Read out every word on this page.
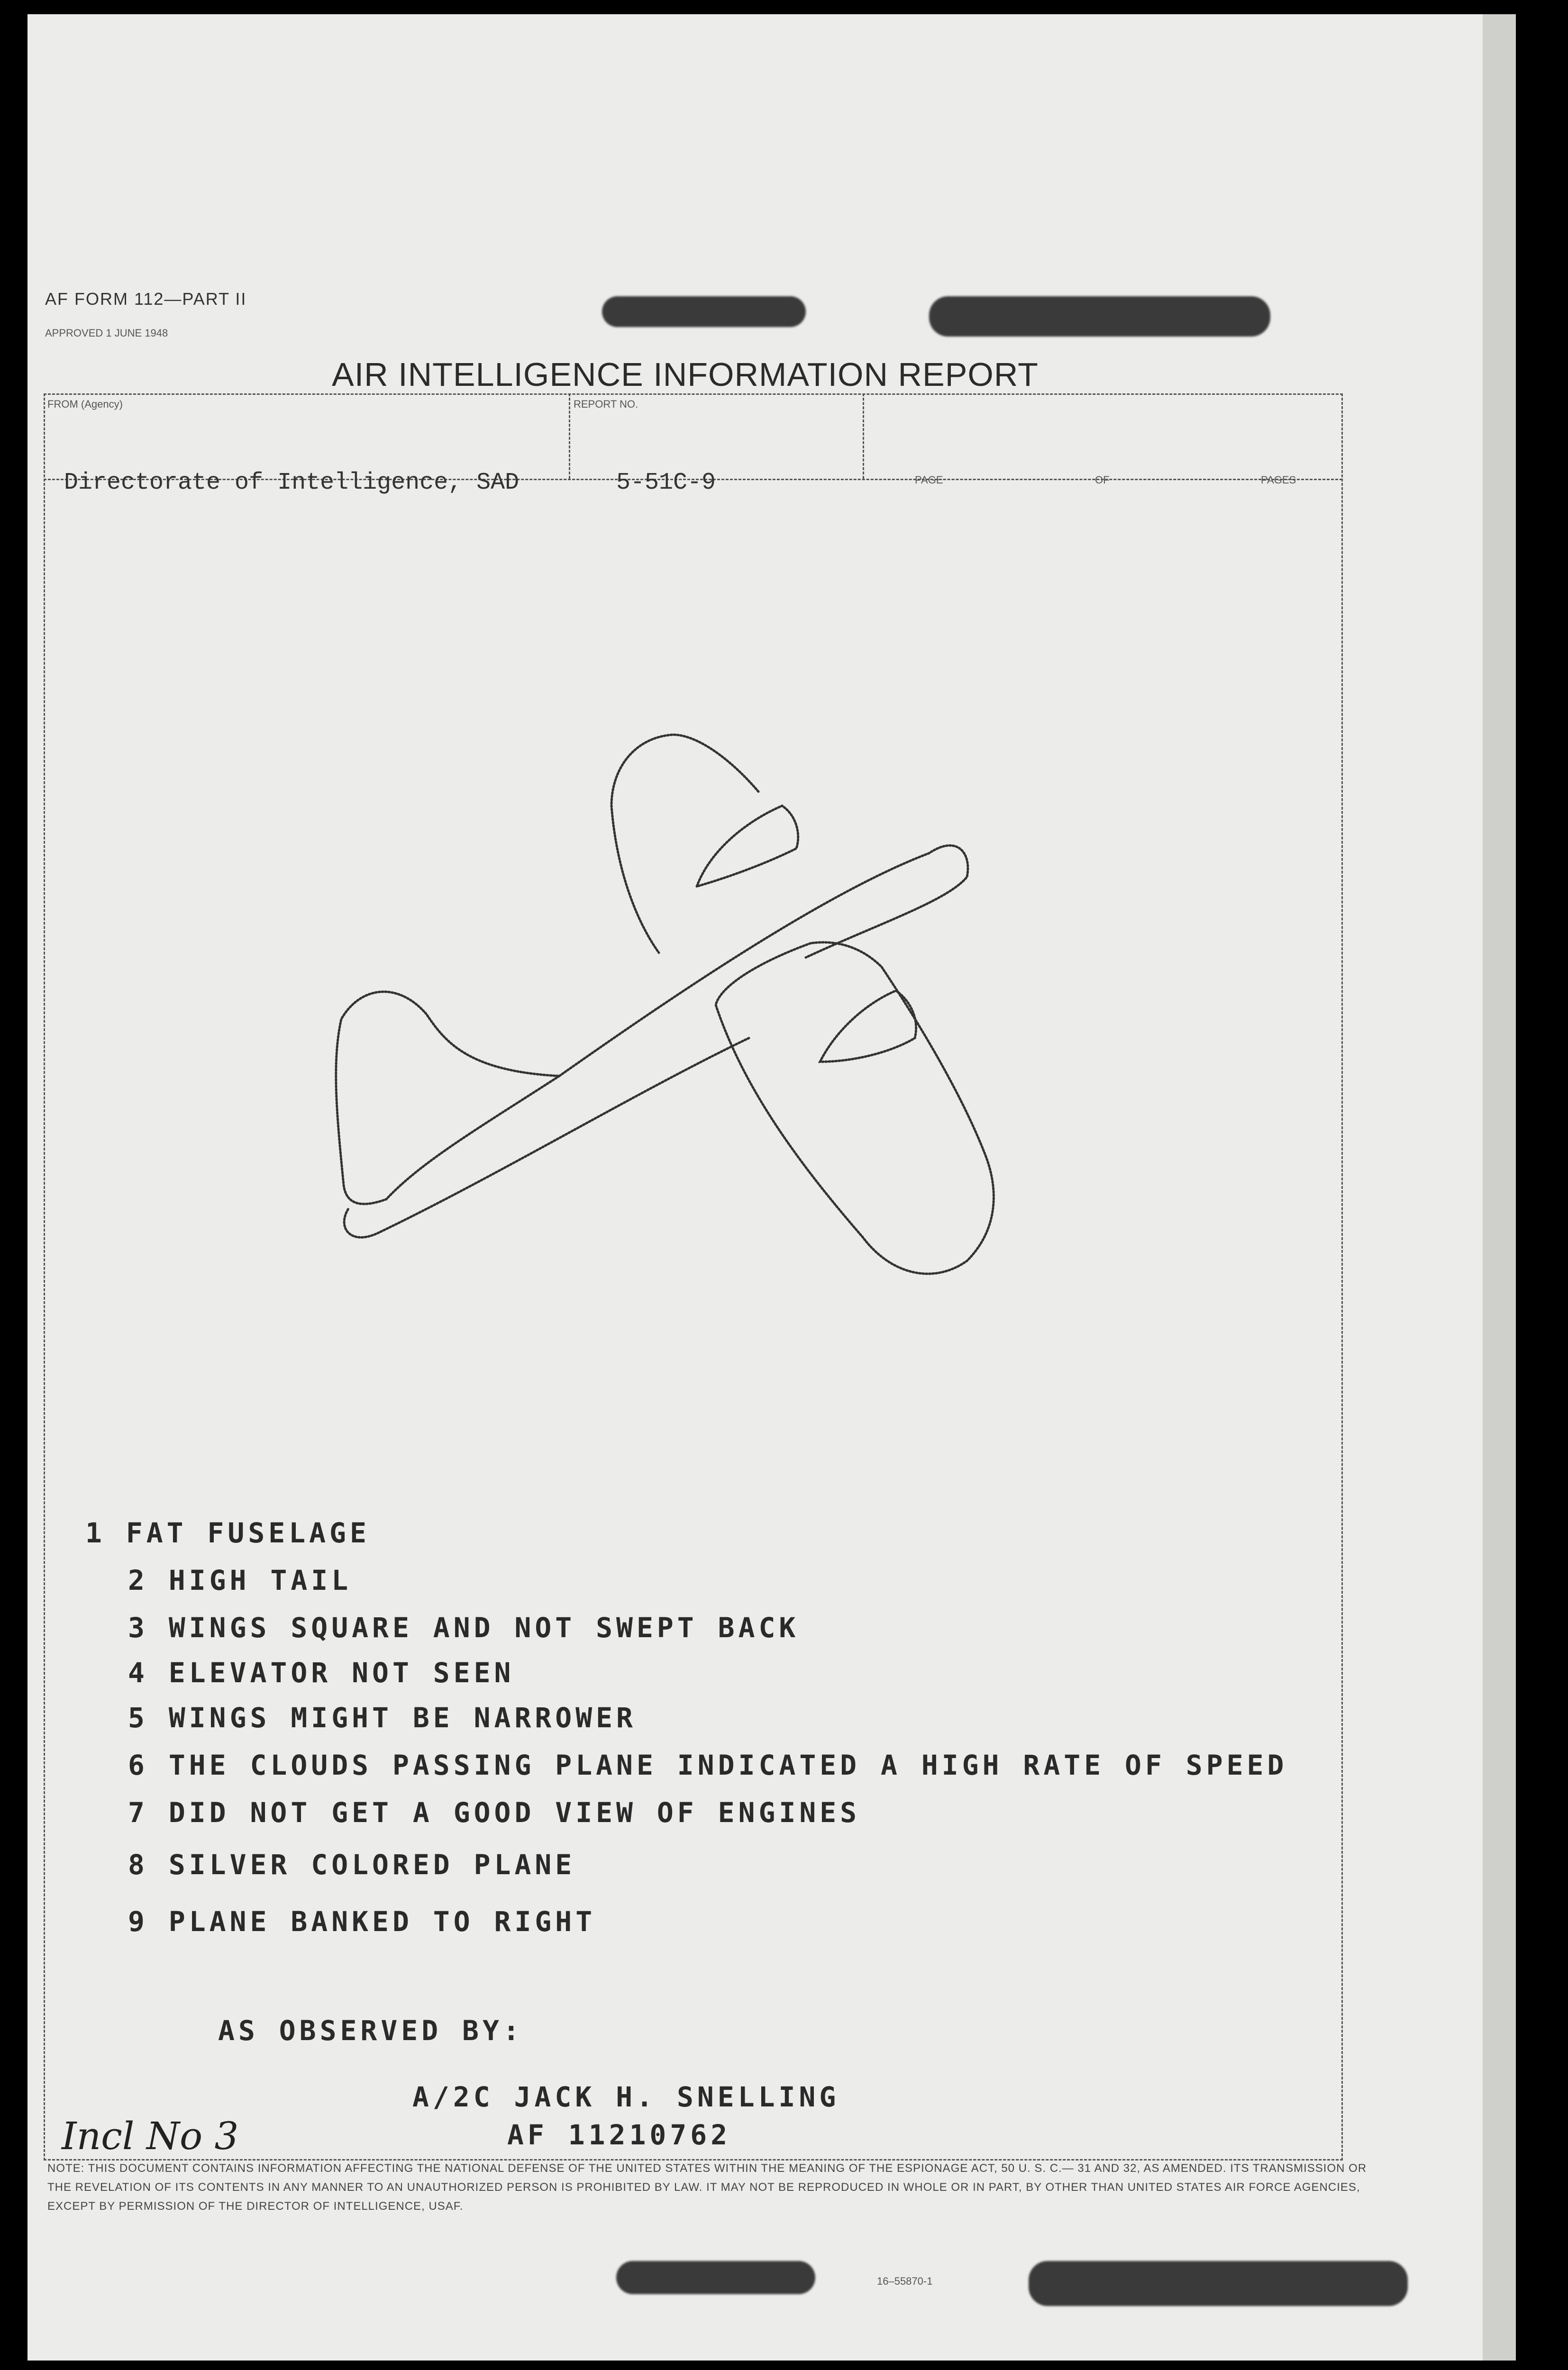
AF FORM 112—PART II
APPROVED 1 JUNE 1948
AIR INTELLIGENCE INFORMATION REPORT
FROM (Agency)
Directorate of Intelligence, SAD
REPORT NO.
5-51C-9	PAGE	OF	PAGES
1 FAT FUSELAGE
2 HIGH TAIL
3 WINGS SQUARE AND NOT SWEPT BACK
4 ELEVATOR NOT SEEN
5 WINGS MIGHT BE NARROWER
6 THE CLOUDS PASSING PLANE INDICATED A HIGH RATE OF SPEED
7 DID NOT GET A GOOD VIEW OF ENGINES
8 SILVER COLORED PLANE
9 PLANE BANKED TO RIGHT
AS OBSERVED BY:
A/2C JACK H. SNELLING
AF 11210762
Incl No 3
NOTE: THIS DOCUMENT CONTAINS INFORMATION AFFECTING THE NATIONAL DEFENSE OF THE UNITED STATES WITHIN THE MEANING OF THE ESPIONAGE ACT, 50 U. S. C.— 31 AND 32, AS AMENDED. ITS TRANSMISSION OR THE REVELATION OF ITS CONTENTS IN ANY MANNER TO AN UNAUTHORIZED PERSON IS PROHIBITED BY LAW. IT MAY NOT BE REPRODUCED IN WHOLE OR IN PART, BY OTHER THAN UNITED STATES AIR FORCE AGENCIES, EXCEPT BY PERMISSION OF THE DIRECTOR OF INTELLIGENCE, USAF.
16–55870-1
